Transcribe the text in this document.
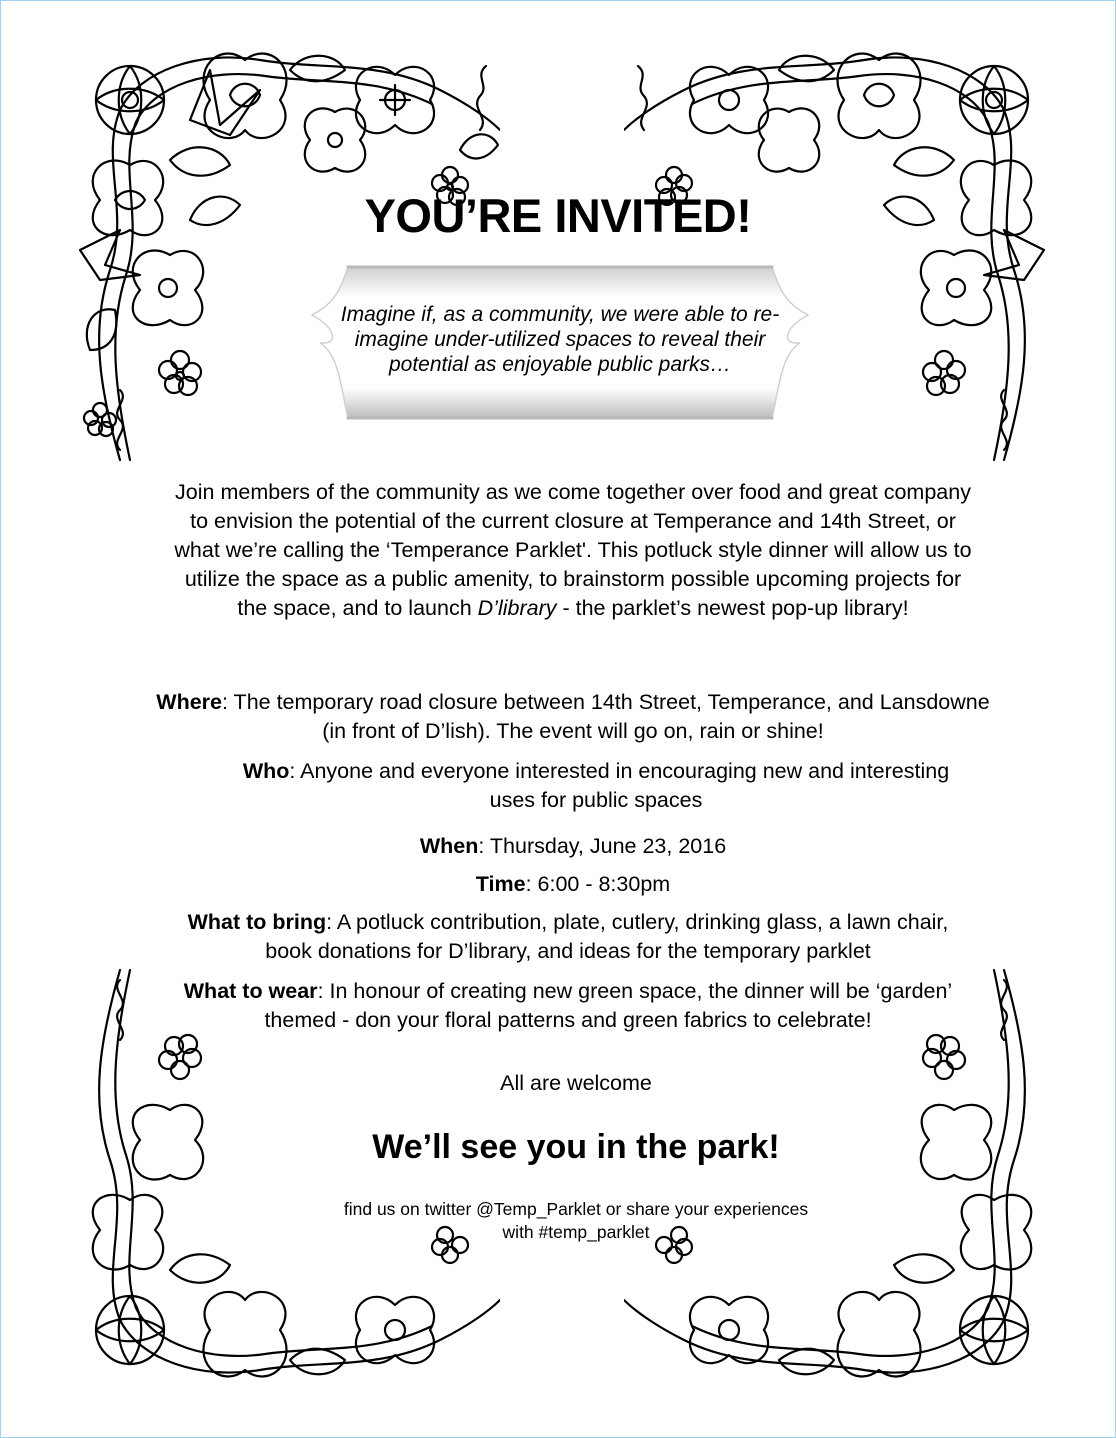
YOU’RE INVITED!
Imagine if, as a community, we were able to re-imagine under-utilized spaces to reveal their potential as enjoyable public parks…

Join members of the community as we come together over food and great company to envision the potential of the current closure at Temperance and 14th Street, or what we’re calling the ‘Temperance Parklet'. This potluck style dinner will allow us to utilize the space as a public amenity, to brainstorm possible upcoming projects for the space, and to launch D’library - the parklet’s newest pop-up library!

Where: The temporary road closure between 14th Street, Temperance, and Lansdowne (in front of D’lish). The event will go on, rain or shine!

Who: Anyone and everyone interested in encouraging new and interesting uses for public spaces

When: Thursday, June 23, 2016

Time: 6:00 - 8:30pm

What to bring: A potluck contribution, plate, cutlery, drinking glass, a lawn chair, book donations for D’library, and ideas for the temporary parklet

What to wear: In honour of creating new green space, the dinner will be ‘garden’ themed - don your floral patterns and green fabrics to celebrate!

All are welcome

We’ll see you in the park!

find us on twitter @Temp_Parklet or share your experiences with #temp_parklet
